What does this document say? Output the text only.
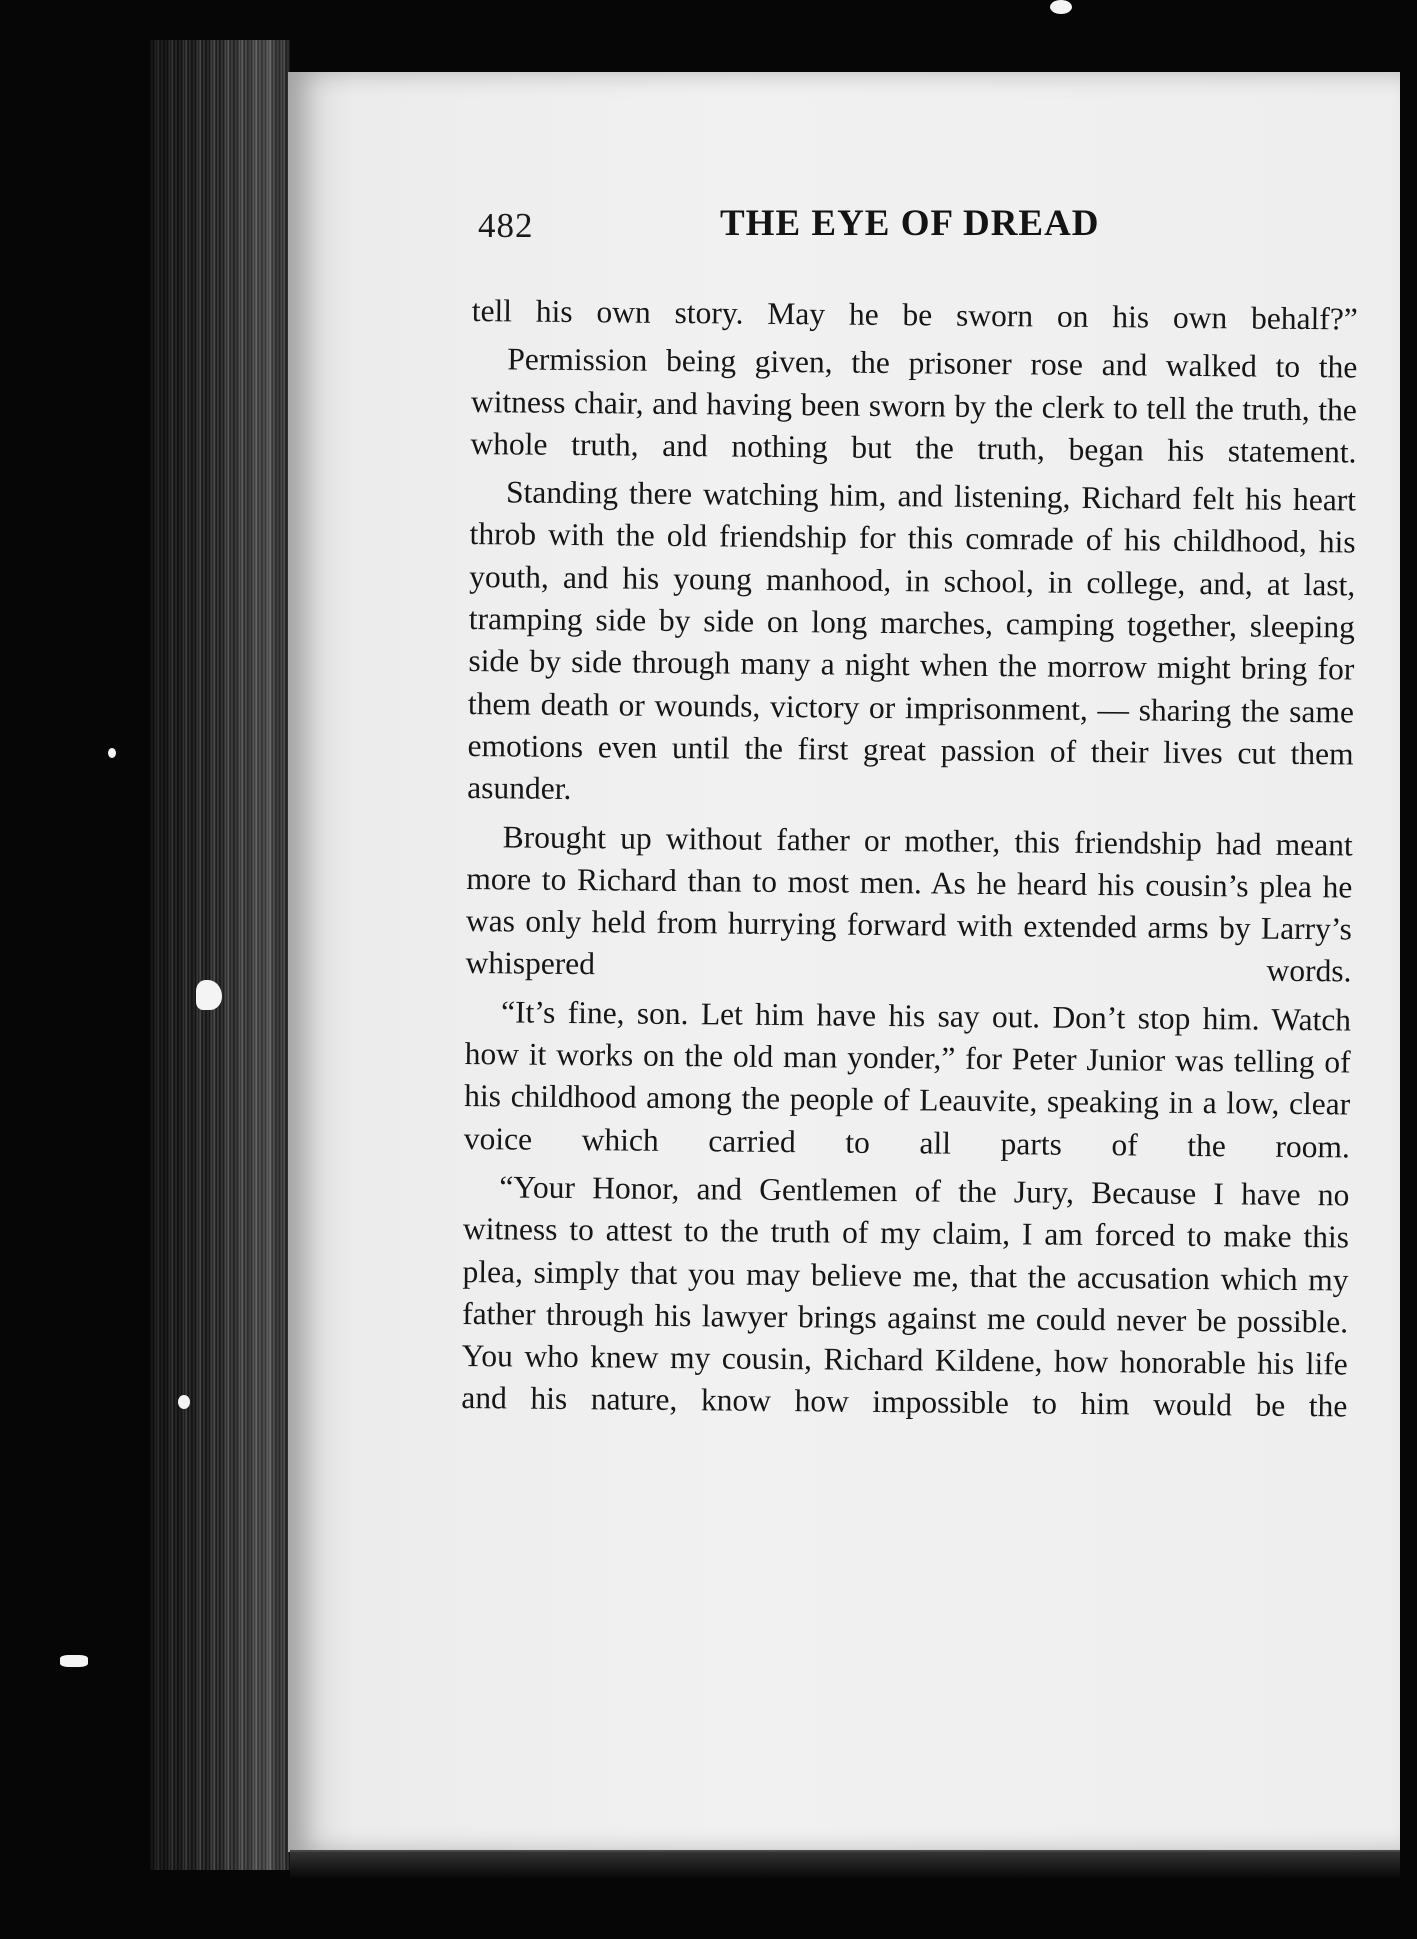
482	THE EYE OF DREAD

tell his own story. May he be sworn on his own behalf?”

Permission being given, the prisoner rose and walked to the witness chair, and having been sworn by the clerk to tell the truth, the whole truth, and nothing but the truth, began his statement.

Standing there watching him, and listening, Richard felt his heart throb with the old friendship for this comrade of his childhood, his youth, and his young manhood, in school, in college, and, at last, tramping side by side on long marches, camping together, sleeping side by side through many a night when the morrow might bring for them death or wounds, victory or imprisonment, — sharing the same emotions even until the first great passion of their lives cut them asunder.

Brought up without father or mother, this friendship had meant more to Richard than to most men. As he heard his cousin’s plea he was only held from hurrying forward with extended arms by Larry’s whispered words.

“It’s fine, son. Let him have his say out. Don’t stop him. Watch how it works on the old man yonder,” for Peter Junior was telling of his childhood among the people of Leauvite, speaking in a low, clear voice which carried to all parts of the room.

“Your Honor, and Gentlemen of the Jury, Because I have no witness to attest to the truth of my claim, I am forced to make this plea, simply that you may believe me, that the accusation which my father through his lawyer brings against me could never be possible. You who knew my cousin, Richard Kildene, how honorable his life and his nature, know how impossible to him would be the
